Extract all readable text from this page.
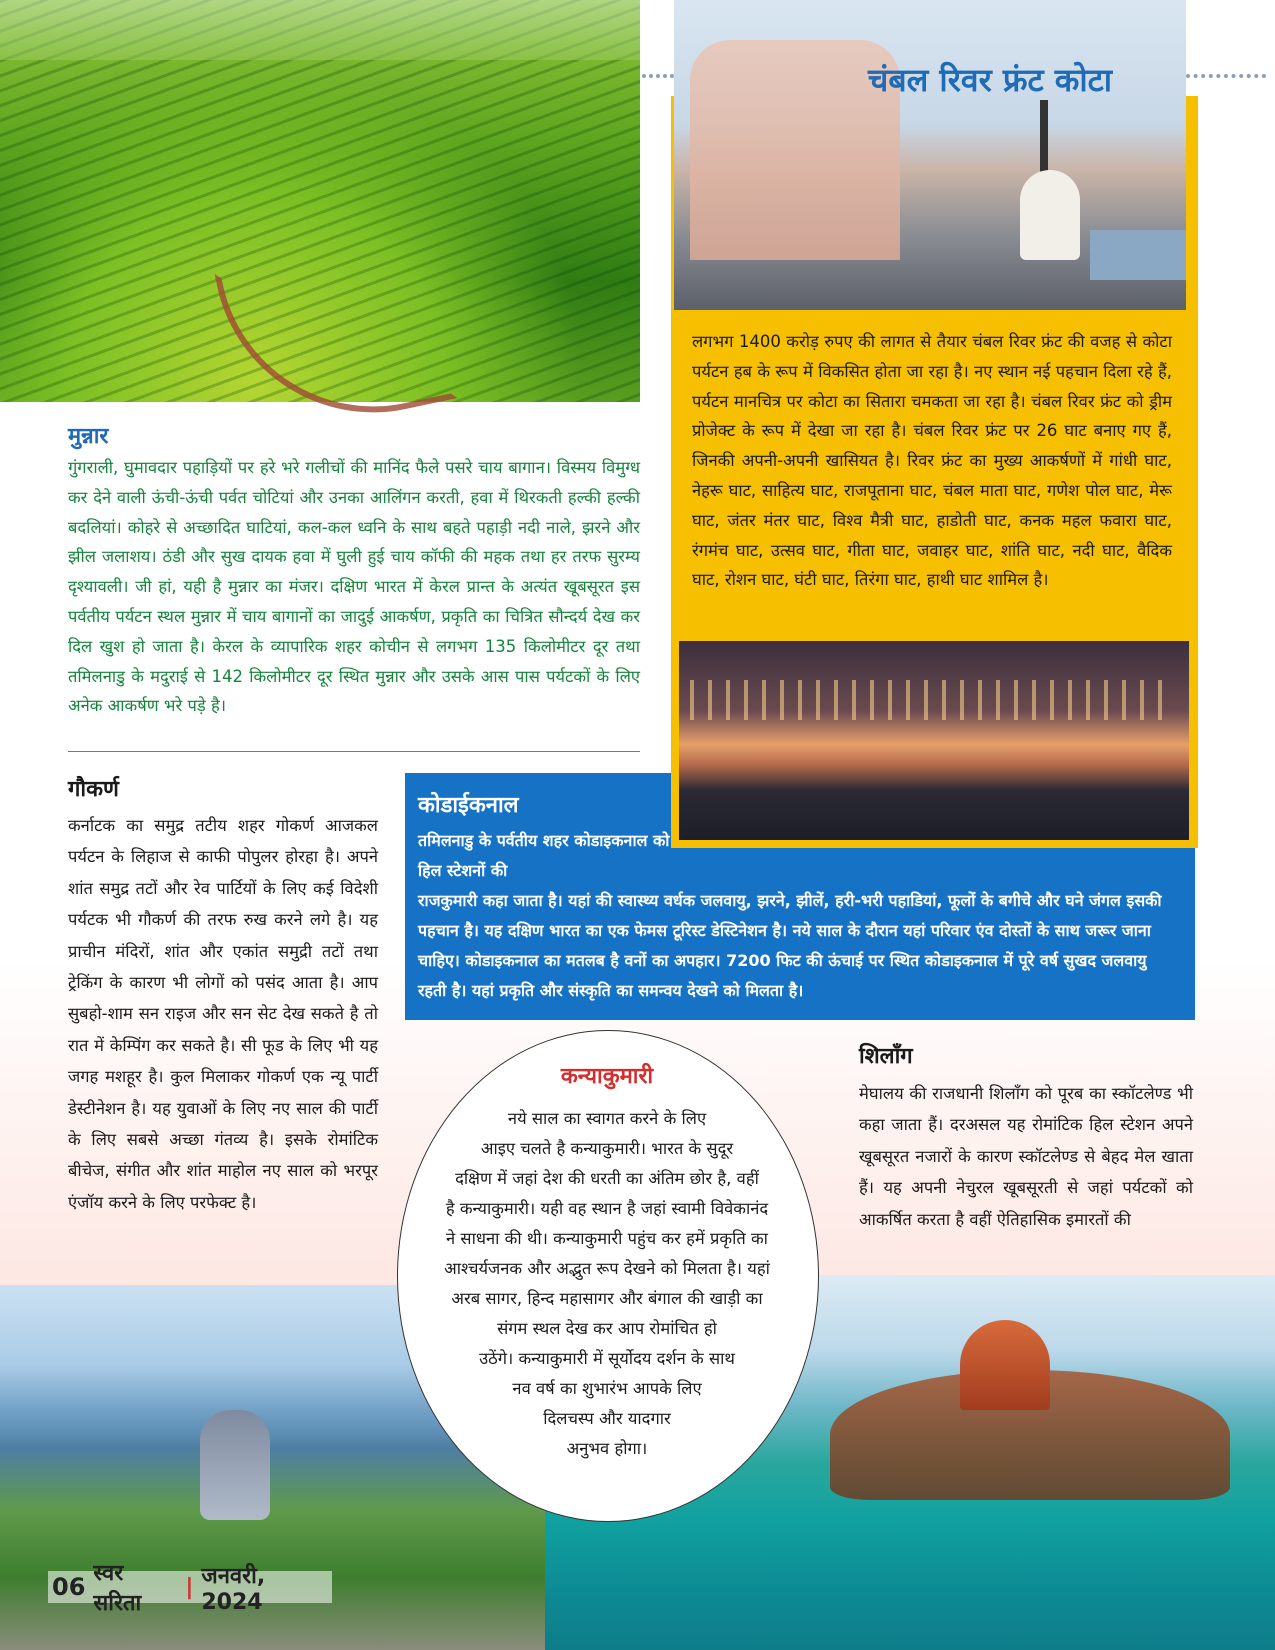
चंबल रिवर फ्रंट कोटा
लगभग 1400 करोड़ रुपए की लागत से तैयार चंबल रिवर फ्रंट की वजह से कोटा पर्यटन हब के रूप में विकसित होता जा रहा है। नए स्थान नई पहचान दिला रहे हैं, पर्यटन मानचित्र पर कोटा का सितारा चमकता जा रहा है। चंबल रिवर फ्रंट को ड्रीम प्रोजेक्ट के रूप में देखा जा रहा है। चंबल रिवर फ्रंट पर 26 घाट बनाए गए हैं, जिनकी अपनी-अपनी खासियत है। रिवर फ्रंट का मुख्य आकर्षणों में गांधी घाट, नेहरू घाट, साहित्य घाट, राजपूताना घाट, चंबल माता घाट, गणेश पोल घाट, मेरू घाट, जंतर मंतर घाट, विश्व मैत्री घाट, हाडोती घाट, कनक महल फवारा घाट, रंगमंच घाट, उत्सव घाट, गीता घाट, जवाहर घाट, शांति घाट, नदी घाट, वैदिक घाट, रोशन घाट, घंटी घाट, तिरंगा घाट, हाथी घाट शामिल है।
मुन्नार
गुंगराली, घुमावदार पहाड़ियों पर हरे भरे गलीचों की मानिंद फैले पसरे चाय बागान। विस्मय विमुग्ध कर देने वाली ऊंची-ऊंची पर्वत चोटियां और उनका आलिंगन करती, हवा में थिरकती हल्की हल्की बदलियां। कोहरे से अच्छादित घाटियां, कल-कल ध्वनि के साथ बहते पहाड़ी नदी नाले, झरने और झील जलाशय। ठंडी और सुख दायक हवा में घुली हुई चाय कॉफी की महक तथा हर तरफ सुरम्य दृश्यावली। जी हां, यही है मुन्नार का मंजर। दक्षिण भारत में केरल प्रान्त के अत्यंत खूबसूरत इस पर्वतीय पर्यटन स्थल मुन्नार में चाय बागानों का जादुई आकर्षण, प्रकृति का चित्रित सौन्दर्य देख कर दिल खुश हो जाता है। केरल के व्यापारिक शहर कोचीन से लगभग 135 किलोमीटर दूर तथा तमिलनाडु के मदुराई से 142 किलोमीटर दूर स्थित मुन्नार और उसके आस पास पर्यटकों के लिए अनेक आकर्षण भरे पड़े है।
गौकर्ण
कर्नाटक का समुद्र तटीय शहर गोकर्ण आजकल पर्यटन के लिहाज से काफी पोपुलर होरहा है। अपने शांत समुद्र तटों और रेव पार्टियों के लिए कई विदेशी पर्यटक भी गौकर्ण की तरफ रुख करने लगे है। यह प्राचीन मंदिरों, शांत और एकांत समुद्री तटों तथा ट्रेकिंग के कारण भी लोगों को पसंद आता है। आप सुबहो-शाम सन राइज और सन सेट देख सकते है तो रात में केम्पिंग कर सकते है। सी फूड के लिए भी यह जगह मशहूर है। कुल मिलाकर गोकर्ण एक न्यू पार्टी डेस्टीनेशन है। यह युवाओं के लिए नए साल की पार्टी के लिए सबसे अच्छा गंतव्य है। इसके रोमांटिक बीचेज, संगीत और शांत माहोल नए साल को भरपूर एंजॉय करने के लिए परफेक्ट है।
कोडाईकनाल
तमिलनाडु के पर्वतीय शहर कोडाइकनाल को हिल स्टेशनों की
राजकुमारी कहा जाता है। यहां की स्वास्थ्य वर्धक जलवायु, झरने, झीलें, हरी-भरी पहाडियां, फूलों के बगीचे और घने जंगल इसकी पहचान है। यह दक्षिण भारत का एक फेमस टूरिस्ट डेस्टिनेशन है। नये साल के दौरान यहां परिवार एंव दोस्तों के साथ जरूर जाना चाहिए। कोडाइकनाल का मतलब है वनों का अपहार। 7200 फिट की ऊंचाई पर स्थित कोडाइकनाल में पूरे वर्ष सुखद जलवायु रहती है। यहां प्रकृति और संस्कृति का समन्वय देखने को मिलता है।
शिलाँग
मेघालय की राजधानी शिलाँग को पूरब का स्कॉटलेण्ड भी कहा जाता हैं। दरअसल यह रोमांटिक हिल स्टेशन अपने खूबसूरत नजारों के कारण स्कॉटलेण्ड से बेहद मेल खाता हैं। यह अपनी नेचुरल खूबसूरती से जहां पर्यटकों को आकर्षित करता है वहीं ऐतिहासिक इमारतों की
कन्याकुमारी
नये साल का स्वागत करने के लिए
आइए चलते है कन्याकुमारी। भारत के सुदूर
दक्षिण में जहां देश की धरती का अंतिम छोर है, वहीं
है कन्याकुमारी। यही वह स्थान है जहां स्वामी विवेकानंद
ने साधना की थी। कन्याकुमारी पहुंच कर हमें प्रकृति का
आश्चर्यजनक और अद्भुत रूप देखने को मिलता है। यहां
अरब सागर, हिन्द महासागर और बंगाल की खाड़ी का
संगम स्थल देख कर आप रोमांचित हो
उठेंगे। कन्याकुमारी में सूर्योदय दर्शन के साथ
नव वर्ष का शुभारंभ आपके लिए
दिलचस्प और यादगार
अनुभव होगा।
06 स्वर सरिता
| जनवरी, 2024
